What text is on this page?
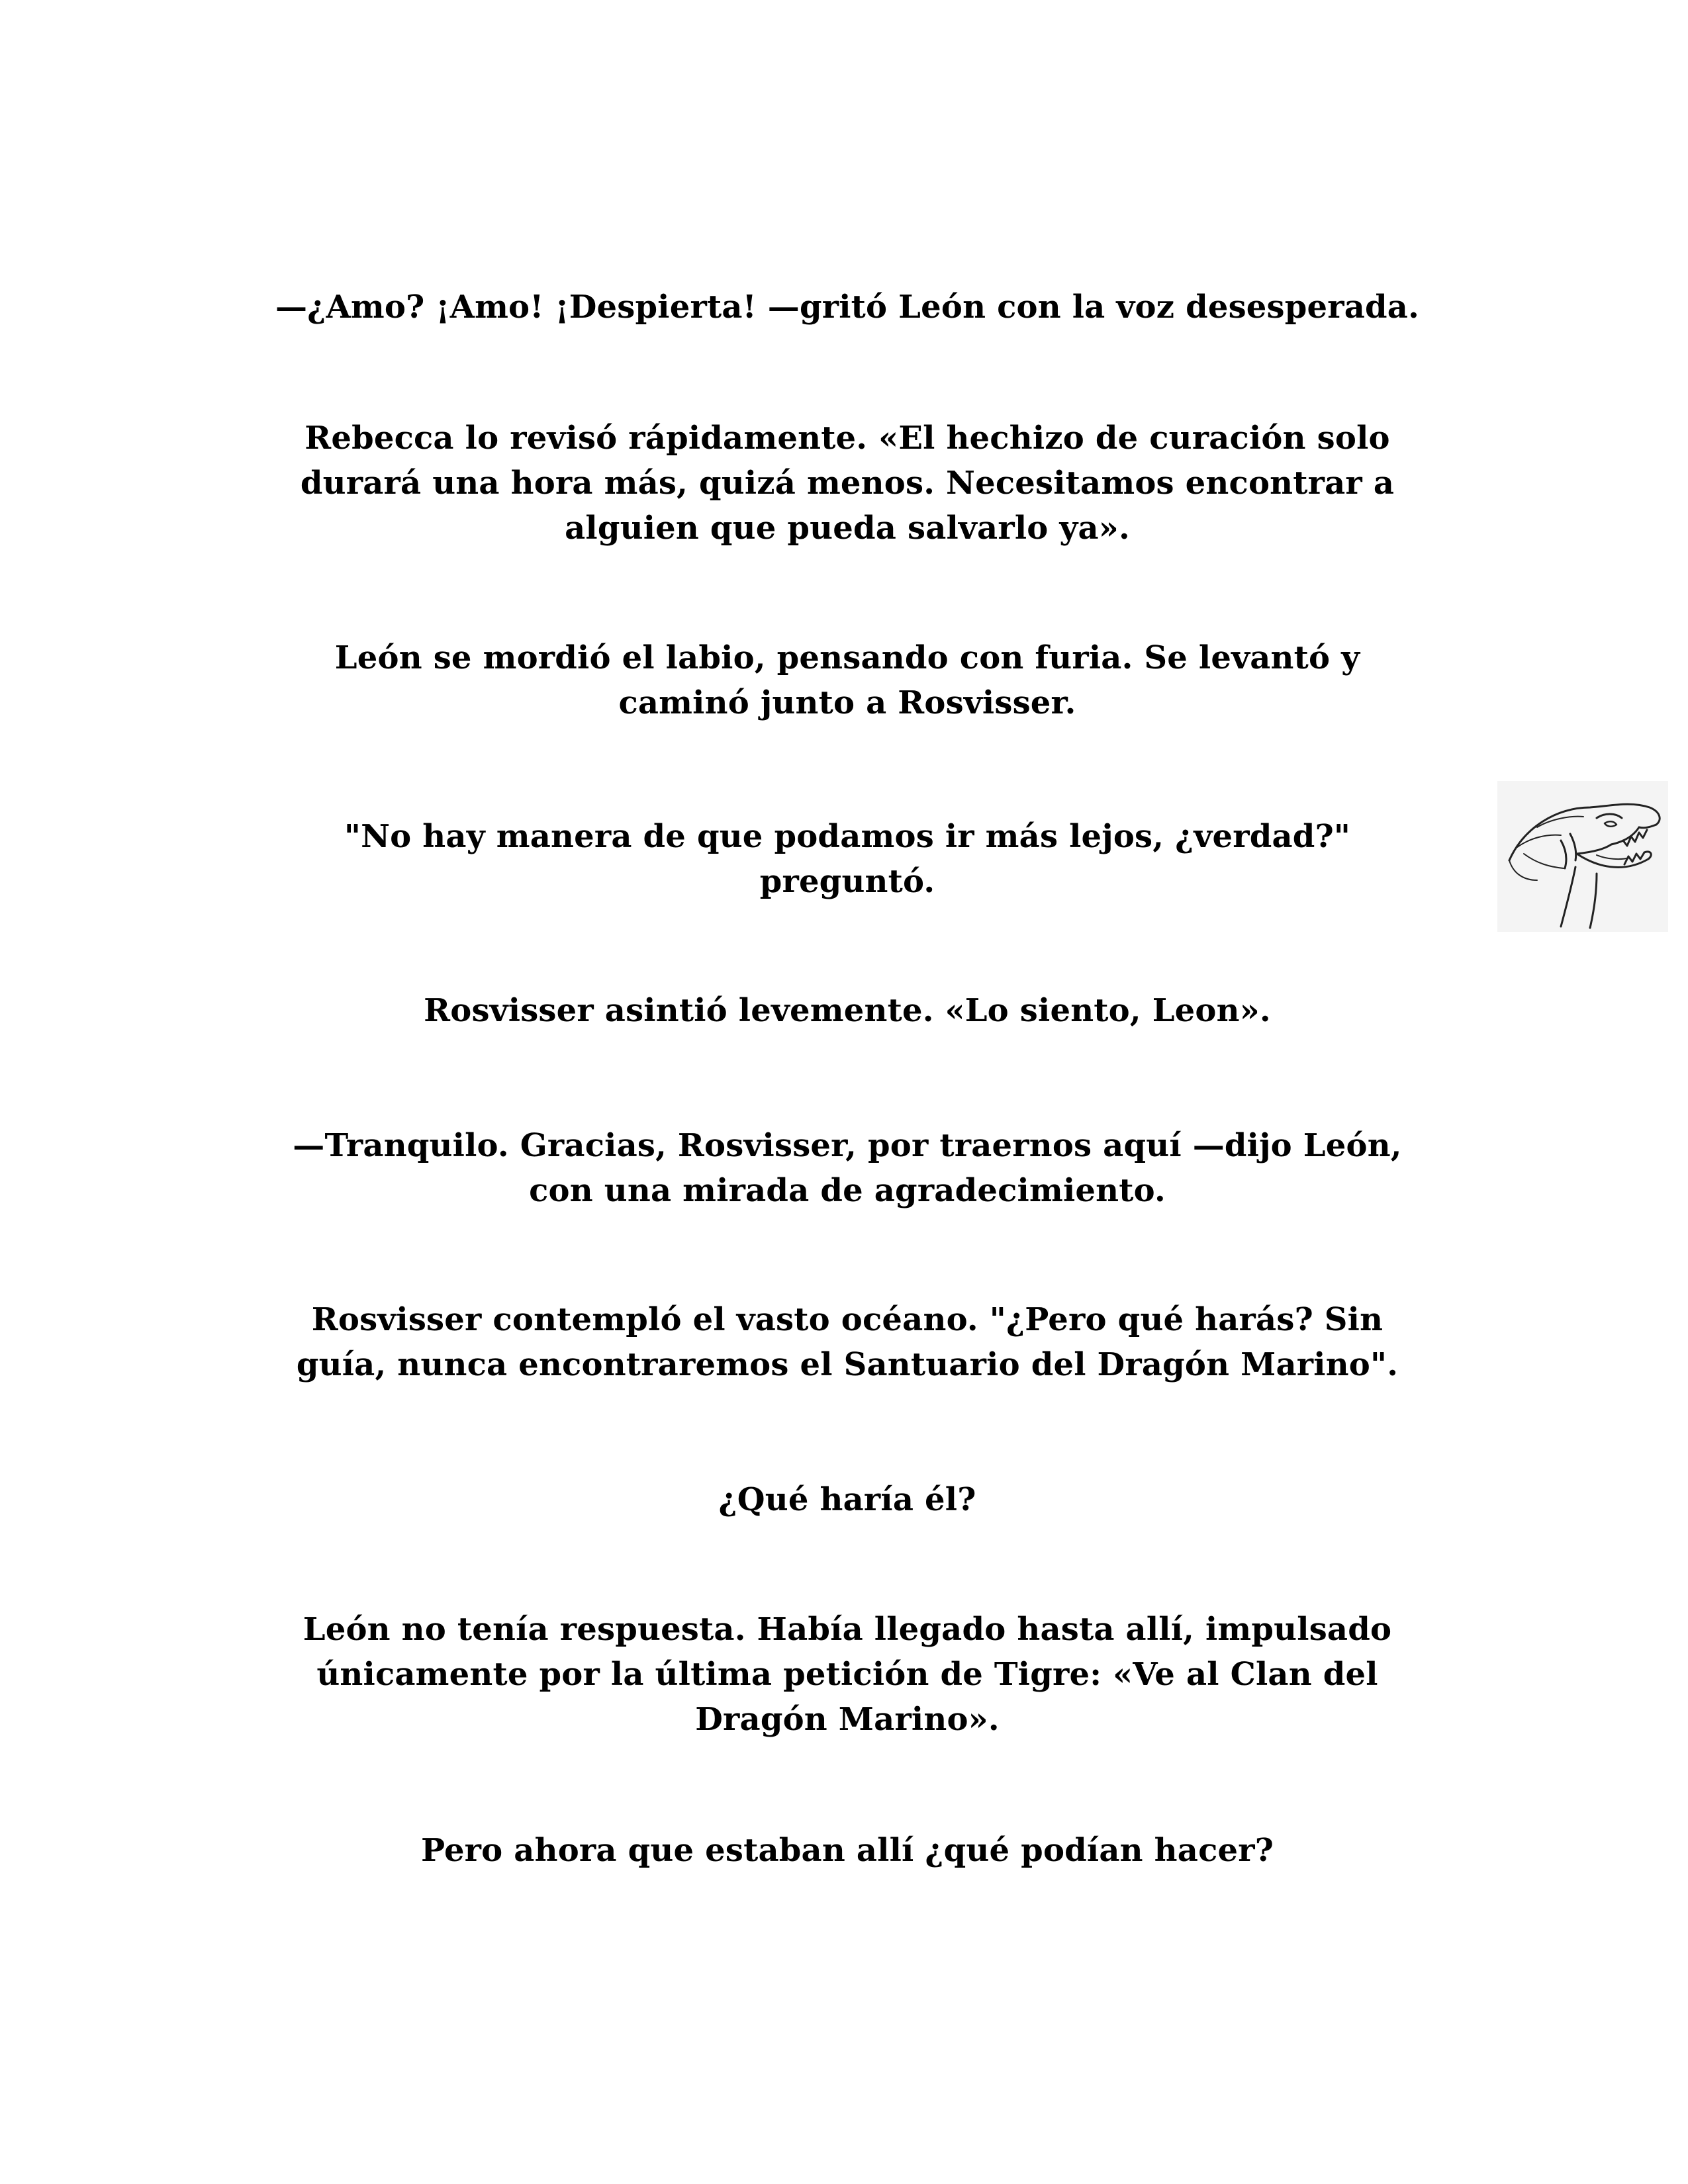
—¿Amo? ¡Amo! ¡Despierta! —gritó León con la voz desesperada.

Rebecca lo revisó rápidamente. «El hechizo de curación solo
durará una hora más, quizá menos. Necesitamos encontrar a
alguien que pueda salvarlo ya».

León se mordió el labio, pensando con furia. Se levantó y
caminó junto a Rosvisser.

"No hay manera de que podamos ir más lejos, ¿verdad?"
preguntó.

Rosvisser asintió levemente. «Lo siento, Leon».

—Tranquilo. Gracias, Rosvisser, por traernos aquí —dijo León,
con una mirada de agradecimiento.

Rosvisser contempló el vasto océano. "¿Pero qué harás? Sin
guía, nunca encontraremos el Santuario del Dragón Marino".

¿Qué haría él?

León no tenía respuesta. Había llegado hasta allí, impulsado
únicamente por la última petición de Tigre: «Ve al Clan del
Dragón Marino».

Pero ahora que estaban allí ¿qué podían hacer?
